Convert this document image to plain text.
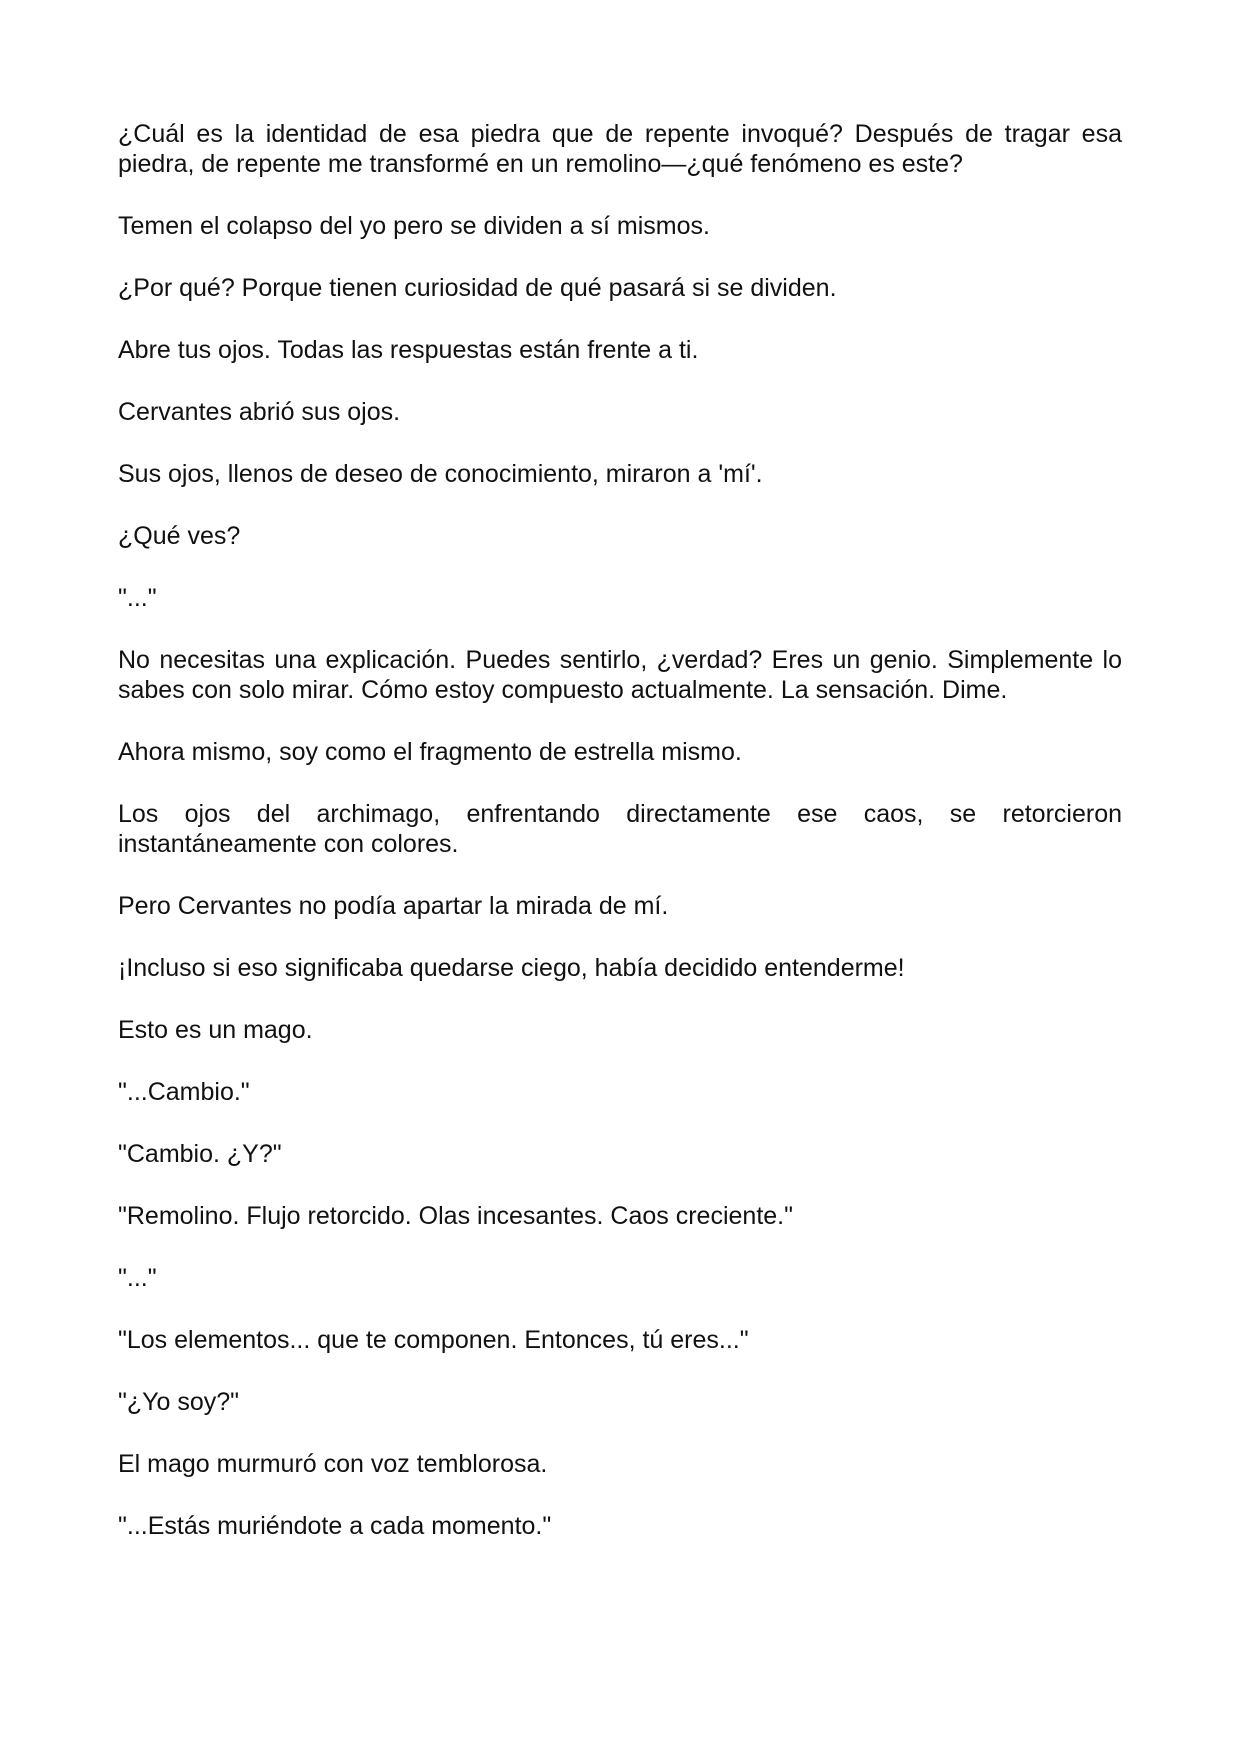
¿Cuál es la identidad de esa piedra que de repente invoqué? Después de tragar esa piedra, de repente me transformé en un remolino—¿qué fenómeno es este?

Temen el colapso del yo pero se dividen a sí mismos.

¿Por qué? Porque tienen curiosidad de qué pasará si se dividen.

Abre tus ojos. Todas las respuestas están frente a ti.

Cervantes abrió sus ojos.

Sus ojos, llenos de deseo de conocimiento, miraron a 'mí'.

¿Qué ves?

"..."

No necesitas una explicación. Puedes sentirlo, ¿verdad? Eres un genio. Simplemente lo sabes con solo mirar. Cómo estoy compuesto actualmente. La sensación. Dime.

Ahora mismo, soy como el fragmento de estrella mismo.

Los ojos del archimago, enfrentando directamente ese caos, se retorcieron instantáneamente con colores.

Pero Cervantes no podía apartar la mirada de mí.

¡Incluso si eso significaba quedarse ciego, había decidido entenderme!

Esto es un mago.

"...Cambio."

"Cambio. ¿Y?"

"Remolino. Flujo retorcido. Olas incesantes. Caos creciente."

"..."

"Los elementos... que te componen. Entonces, tú eres..."

"¿Yo soy?"

El mago murmuró con voz temblorosa.

"...Estás muriéndote a cada momento."
